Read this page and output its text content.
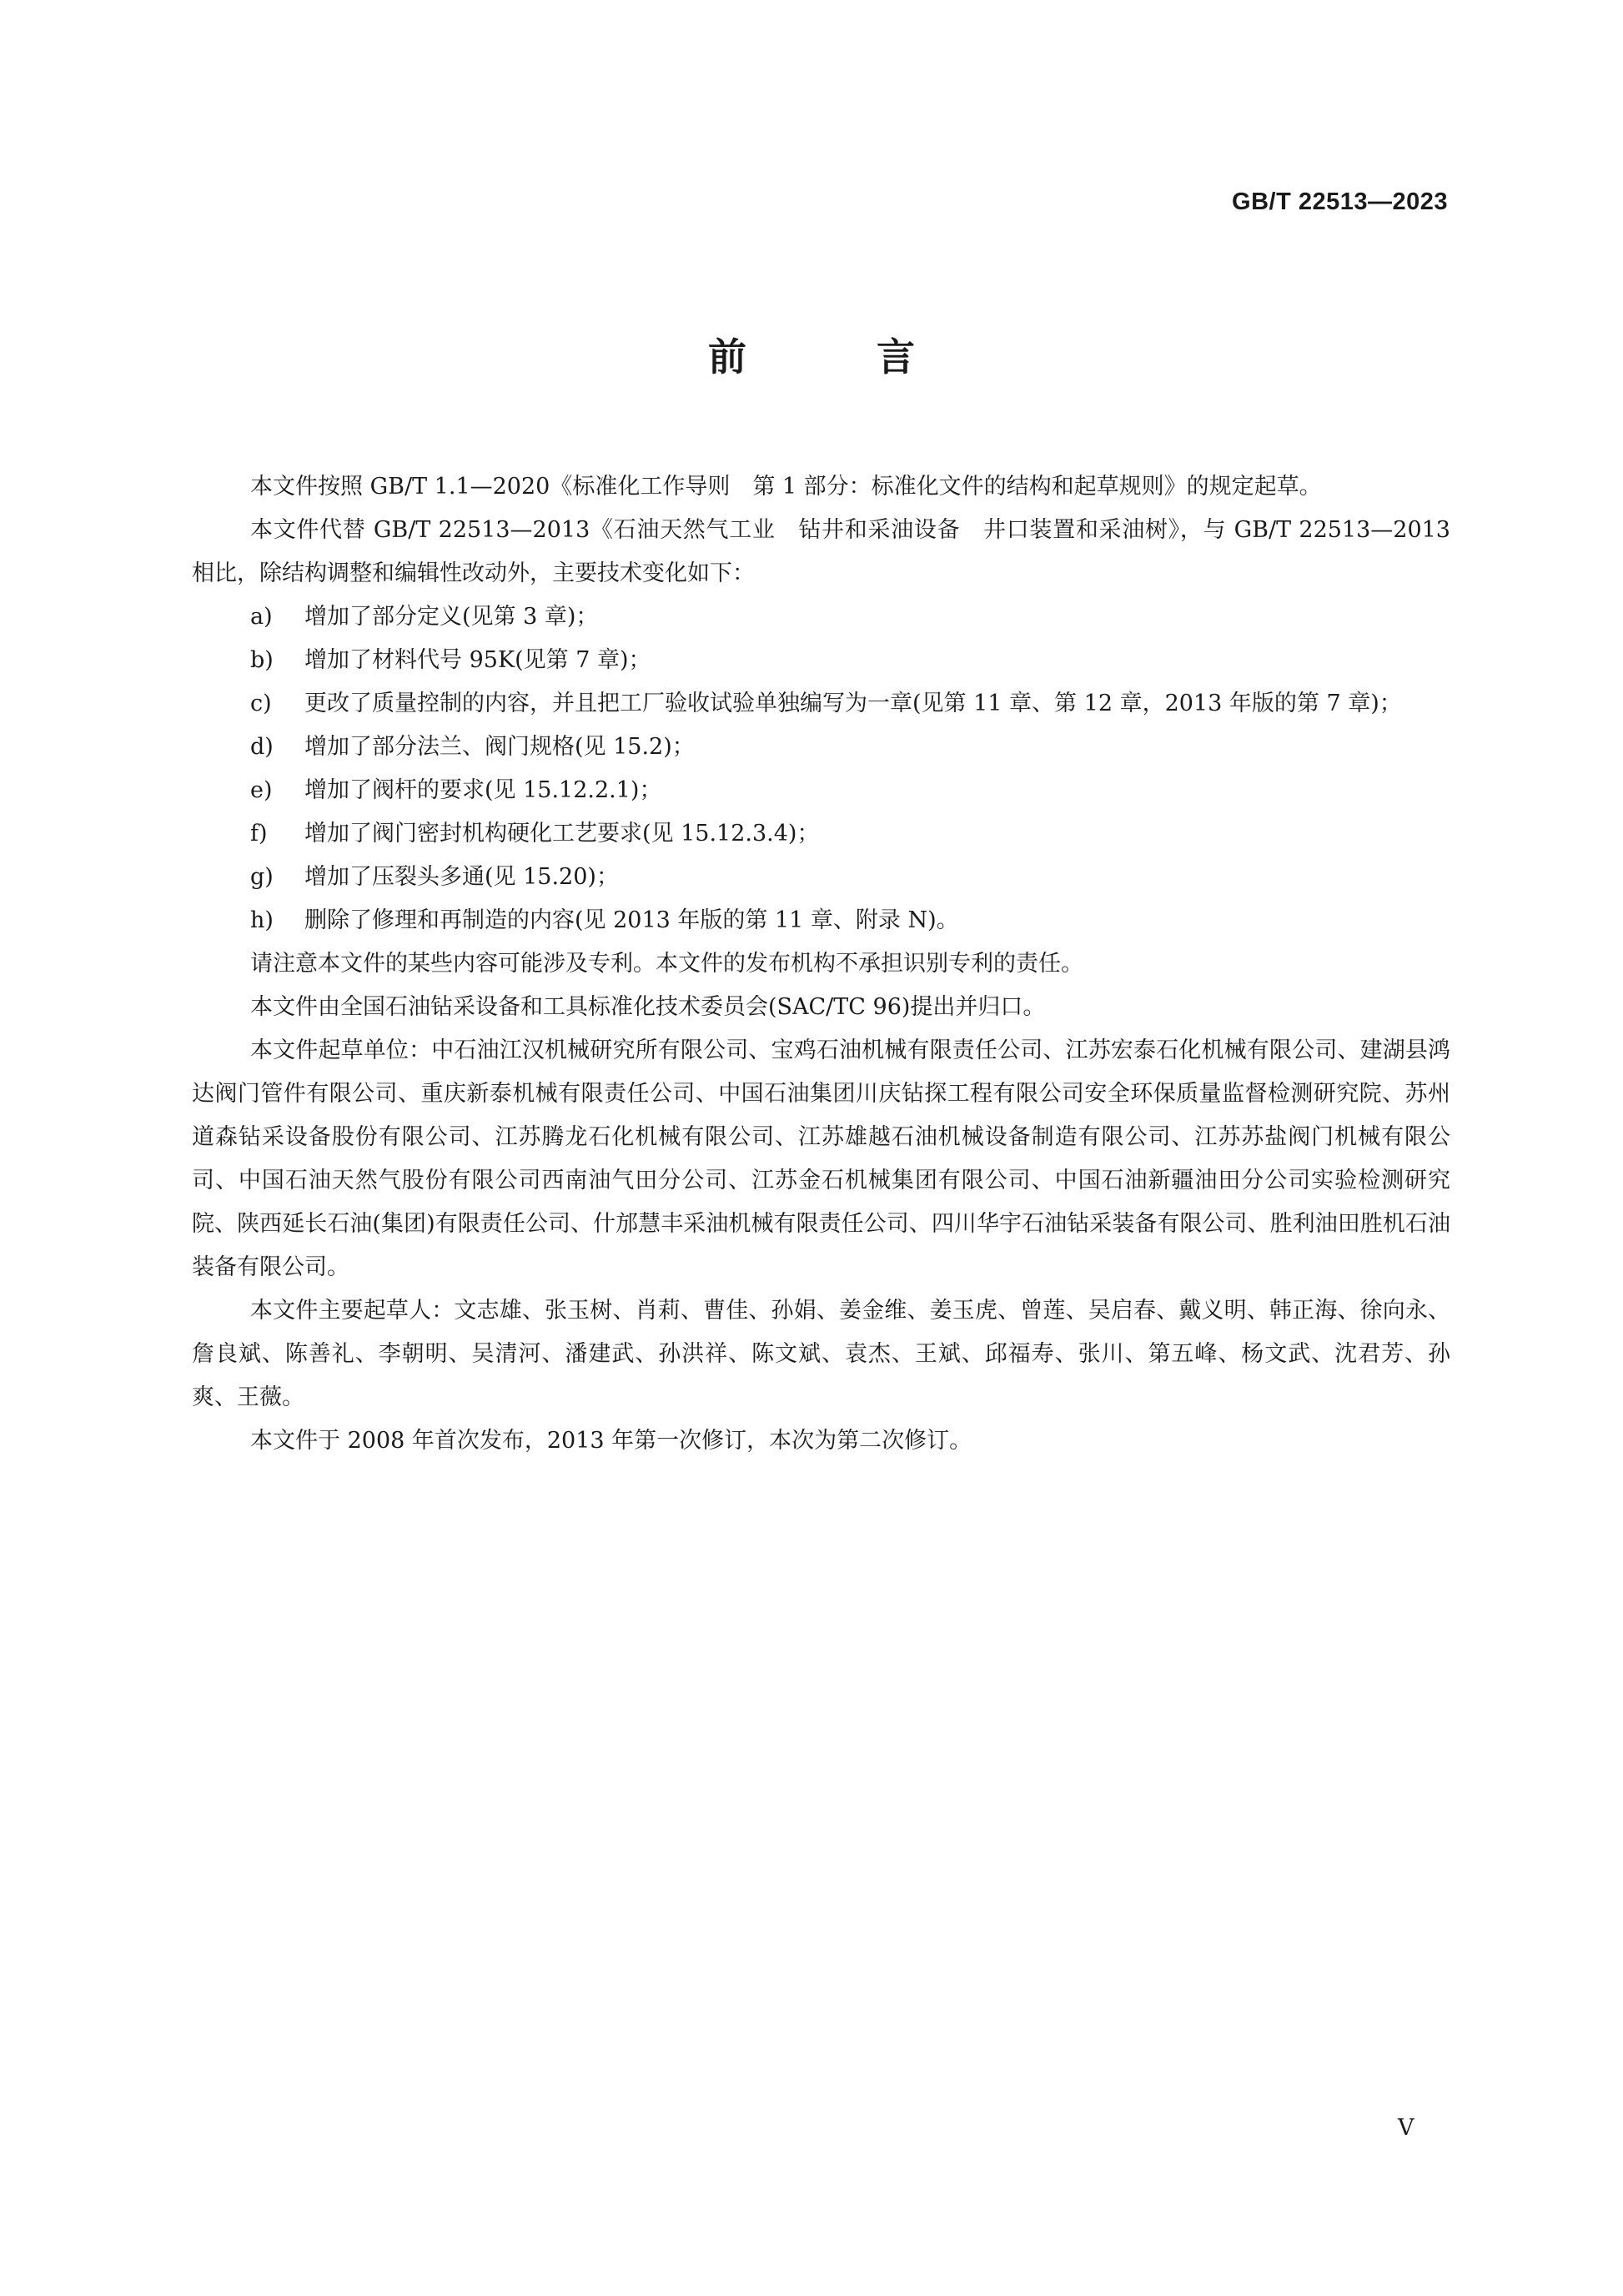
GB/T 22513—2023
前 言

本文件按照 GB/T 1.1—2020《标准化工作导则　第 1 部分：标准化文件的结构和起草规则》的规定起草。

本文件代替 GB/T 22513—2013《石油天然气工业　钻井和采油设备　井口装置和采油树》，与 GB/T 22513—2013 相比，除结构调整和编辑性改动外，主要技术变化如下：

a) 增加了部分定义(见第 3 章)；

b) 增加了材料代号 95K(见第 7 章)；

c) 更改了质量控制的内容，并且把工厂验收试验单独编写为一章(见第 11 章、第 12 章，2013 年版的第 7 章)；

d) 增加了部分法兰、阀门规格(见 15.2)；

e) 增加了阀杆的要求(见 15.12.2.1)；

f) 增加了阀门密封机构硬化工艺要求(见 15.12.3.4)；

g) 增加了压裂头多通(见 15.20)；

h) 删除了修理和再制造的内容(见 2013 年版的第 11 章、附录 N)。

请注意本文件的某些内容可能涉及专利。本文件的发布机构不承担识别专利的责任。

本文件由全国石油钻采设备和工具标准化技术委员会(SAC/TC 96)提出并归口。

本文件起草单位：中石油江汉机械研究所有限公司、宝鸡石油机械有限责任公司、江苏宏泰石化机械有限公司、建湖县鸿达阀门管件有限公司、重庆新泰机械有限责任公司、中国石油集团川庆钻探工程有限公司安全环保质量监督检测研究院、苏州道森钻采设备股份有限公司、江苏腾龙石化机械有限公司、江苏雄越石油机械设备制造有限公司、江苏苏盐阀门机械有限公司、中国石油天然气股份有限公司西南油气田分公司、江苏金石机械集团有限公司、中国石油新疆油田分公司实验检测研究院、陕西延长石油(集团)有限责任公司、什邡慧丰采油机械有限责任公司、四川华宇石油钻采装备有限公司、胜利油田胜机石油装备有限公司。

本文件主要起草人：文志雄、张玉树、肖莉、曹佳、孙娟、姜金维、姜玉虎、曾莲、吴启春、戴义明、韩正海、徐向永、詹良斌、陈善礼、李朝明、吴清河、潘建武、孙洪祥、陈文斌、袁杰、王斌、邱福寿、张川、第五峰、杨文武、沈君芳、孙爽、王薇。

本文件于 2008 年首次发布，2013 年第一次修订，本次为第二次修订。

V
